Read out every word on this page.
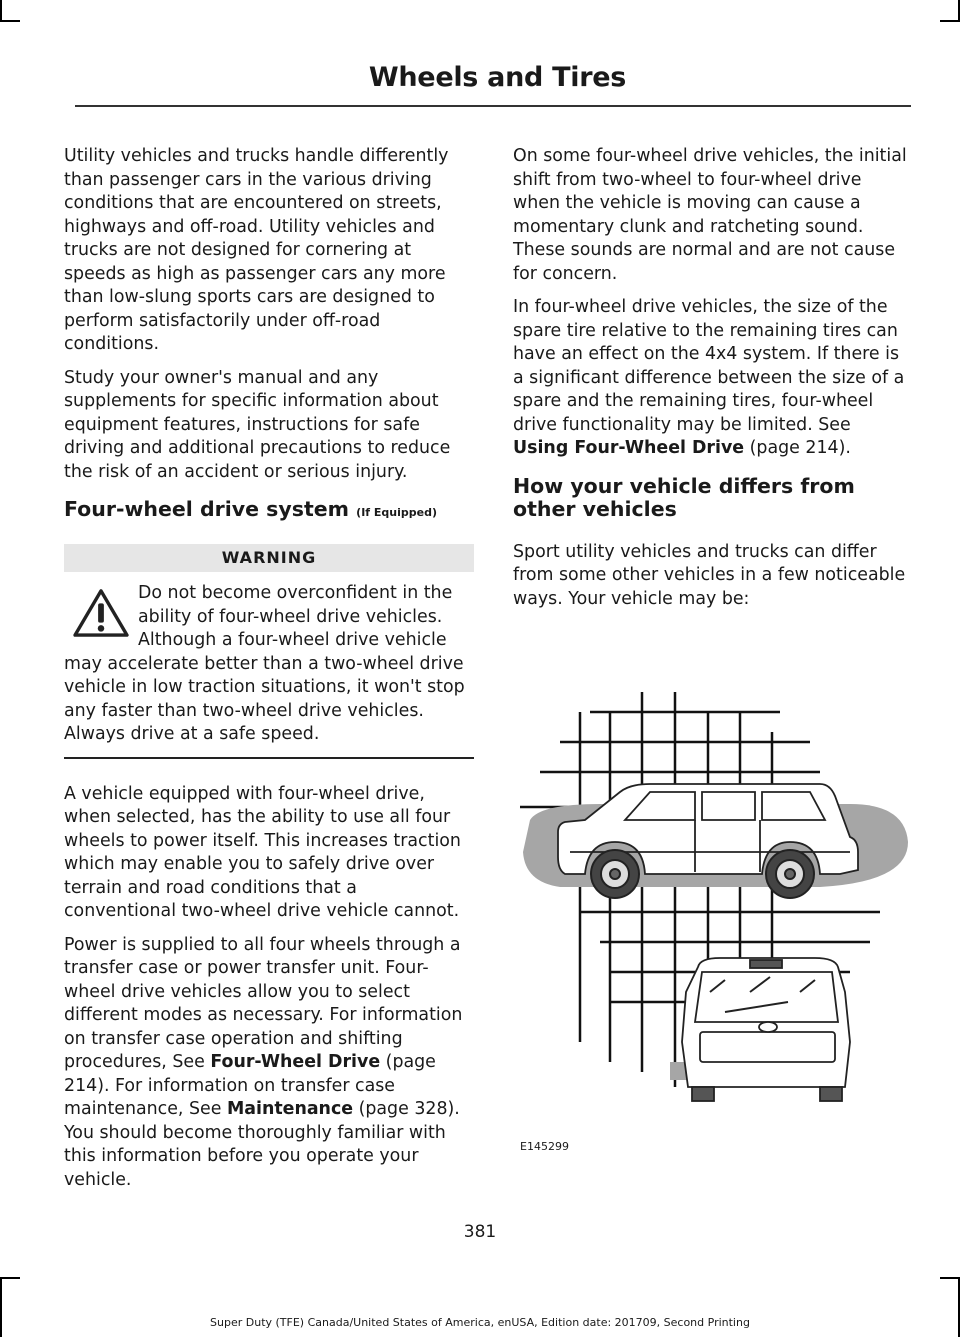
Wheels and Tires

Utility vehicles and trucks handle differently than passenger cars in the various driving conditions that are encountered on streets, highways and off-road. Utility vehicles and trucks are not designed for cornering at speeds as high as passenger cars any more than low-slung sports cars are designed to perform satisfactorily under off-road conditions.

Study your owner's manual and any supplements for specific information about equipment features, instructions for safe driving and additional precautions to reduce the risk of an accident or serious injury.

Four-wheel drive system (If Equipped)
WARNING
Do not become overconfident in the ability of four-wheel drive vehicles. Although a four-wheel drive vehicle may accelerate better than a two-wheel drive vehicle in low traction situations, it won't stop any faster than two-wheel drive vehicles. Always drive at a safe speed.

A vehicle equipped with four-wheel drive, when selected, has the ability to use all four wheels to power itself. This increases traction which may enable you to safely drive over terrain and road conditions that a conventional two-wheel drive vehicle cannot.

Power is supplied to all four wheels through a transfer case or power transfer unit. Four-wheel drive vehicles allow you to select different modes as necessary. For information on transfer case operation and shifting procedures, See Four-Wheel Drive (page 214). For information on transfer case maintenance, See Maintenance (page 328). You should become thoroughly familiar with this information before you operate your vehicle.

On some four-wheel drive vehicles, the initial shift from two-wheel to four-wheel drive when the vehicle is moving can cause a momentary clunk and ratcheting sound. These sounds are normal and are not cause for concern.

In four-wheel drive vehicles, the size of the spare tire relative to the remaining tires can have an effect on the 4x4 system. If there is a significant difference between the size of a spare and the remaining tires, four-wheel drive functionality may be limited. See Using Four-Wheel Drive (page 214).

How your vehicle differs from other vehicles

Sport utility vehicles and trucks can differ from some other vehicles in a few noticeable ways. Your vehicle may be:

E145299
381
Super Duty (TFE) Canada/United States of America, enUSA, Edition date: 201709, Second Printing
